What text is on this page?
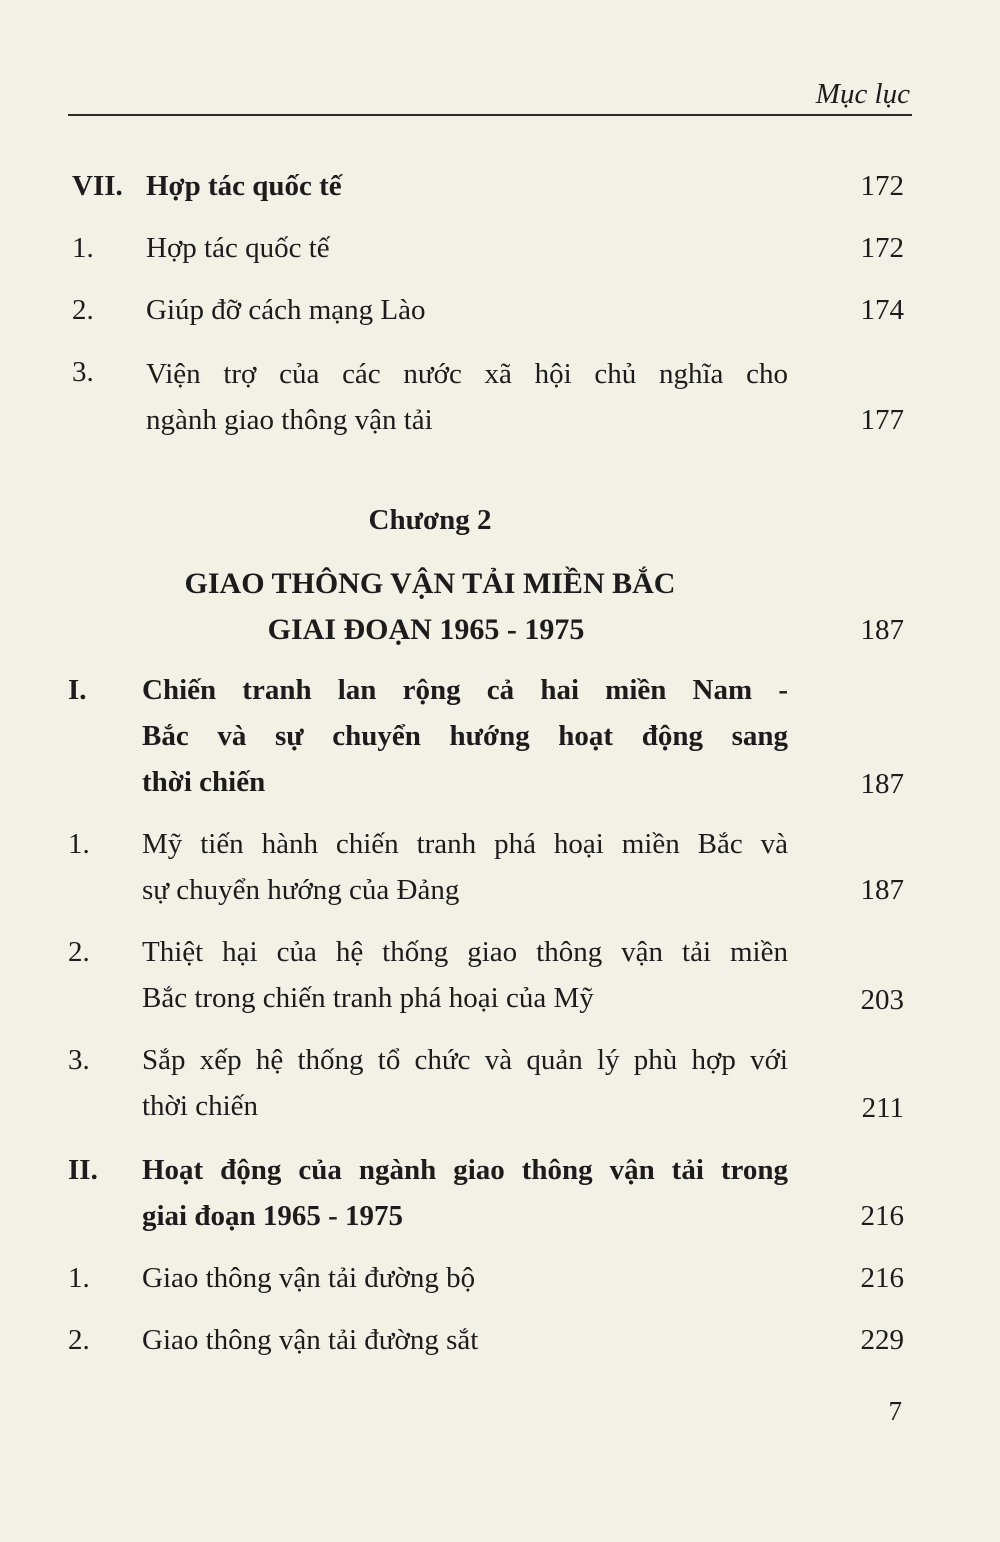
Mục lục
VII. Hợp tác quốc tế	172
1. Hợp tác quốc tế	172
2. Giúp đỡ cách mạng Lào	174
3. Viện trợ của các nước xã hội chủ nghĩa cho
ngành giao thông vận tải	177
Chương 2
GIAO THÔNG VẬN TẢI MIỀN BẮC
GIAI ĐOẠN 1965 - 1975	187
I. Chiến tranh lan rộng cả hai miền Nam -
Bắc và sự chuyển hướng hoạt động sang
thời chiến	187
1. Mỹ tiến hành chiến tranh phá hoại miền Bắc và
sự chuyển hướng của Đảng	187
2. Thiệt hại của hệ thống giao thông vận tải miền
Bắc trong chiến tranh phá hoại của Mỹ	203
3. Sắp xếp hệ thống tổ chức và quản lý phù hợp với
thời chiến	211
II. Hoạt động của ngành giao thông vận tải trong
giai đoạn 1965 - 1975	216
1. Giao thông vận tải đường bộ	216
2. Giao thông vận tải đường sắt	229
7
